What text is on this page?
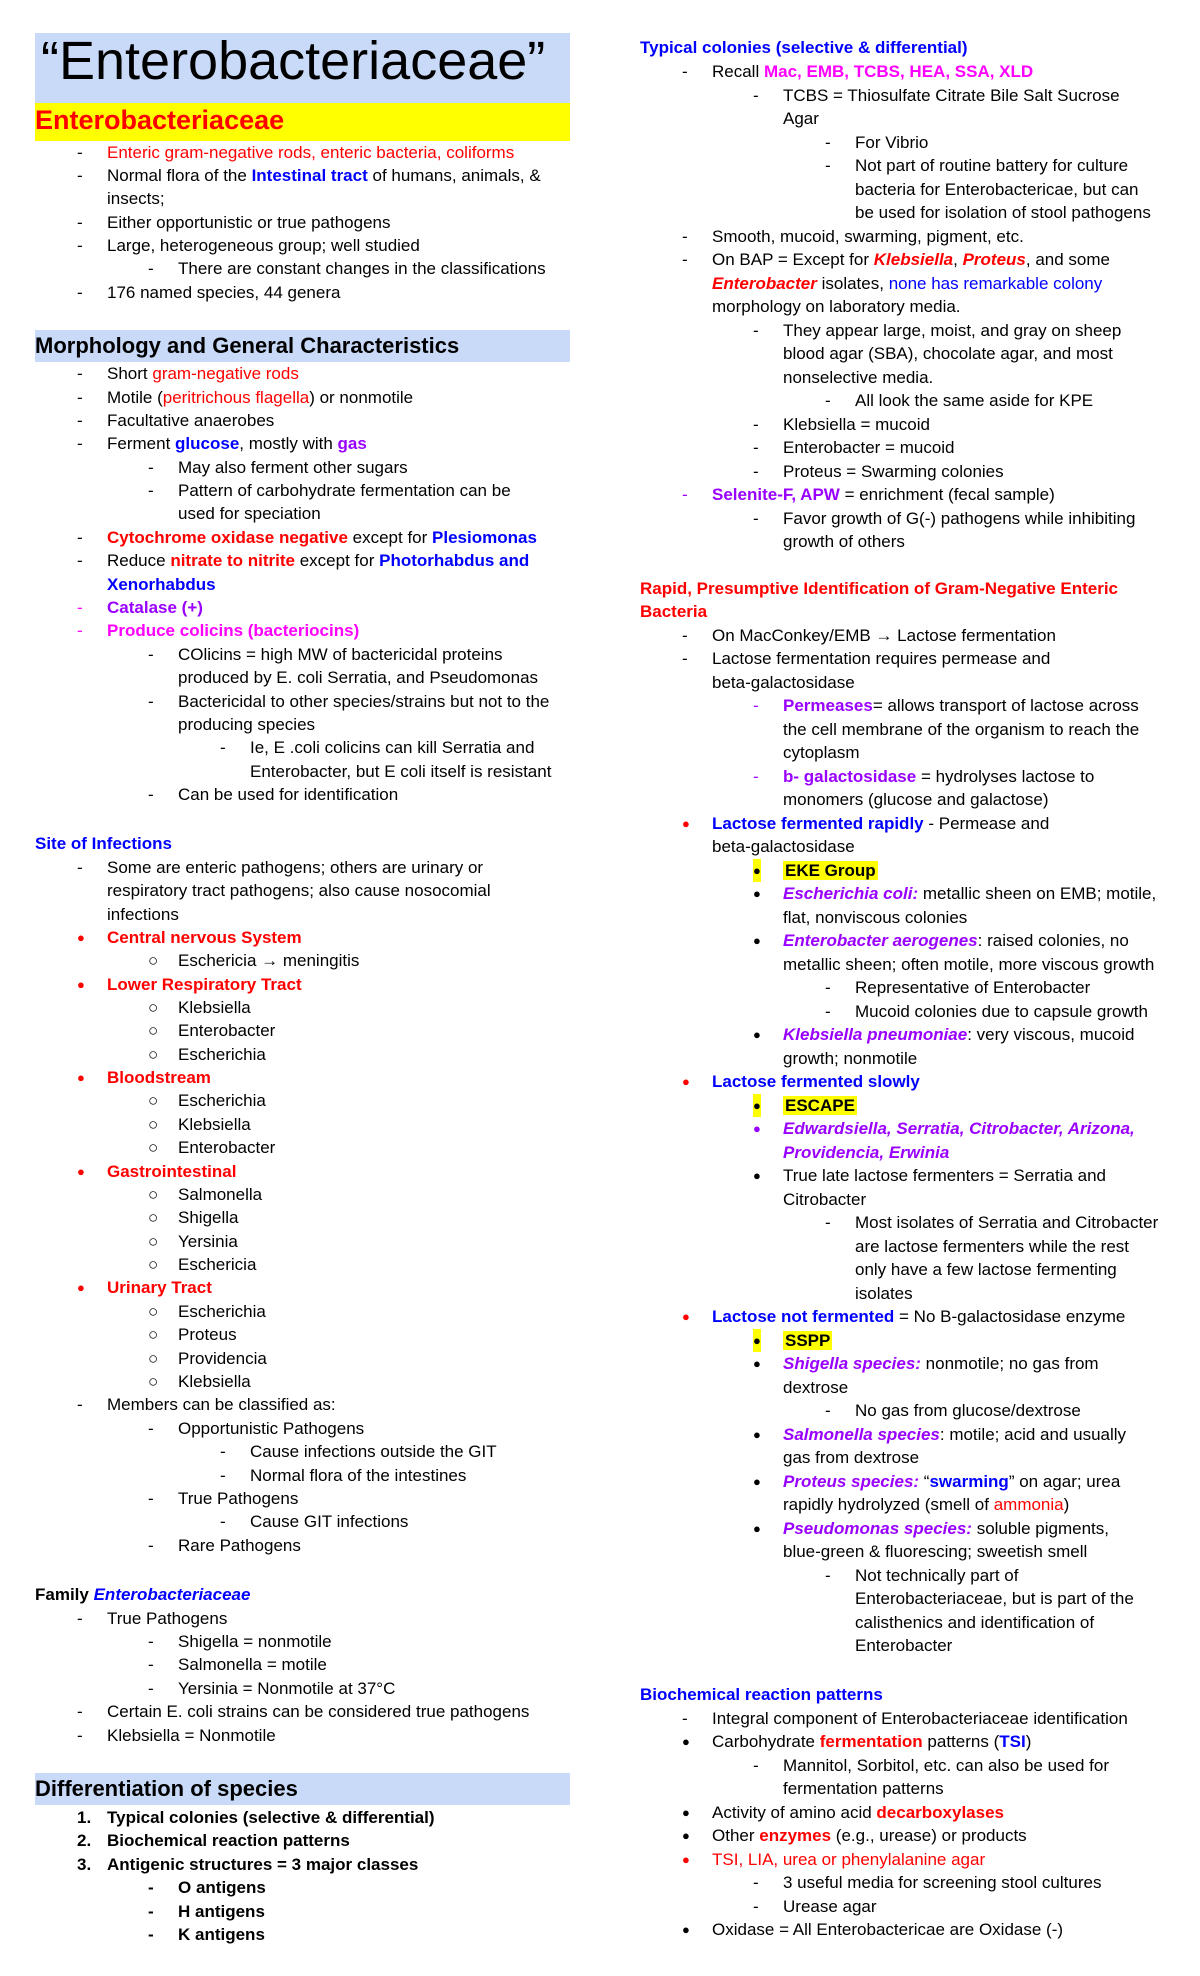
“Enterobacteriaceae”
Enterobacteriaceae
- Enteric gram-negative rods, enteric bacteria, coliforms
- Normal flora of the Intestinal tract of humans, animals, &
insects;
- Either opportunistic or true pathogens
- Large, heterogeneous group; well studied
- There are constant changes in the classifications
- 176 named species, 44 genera
Morphology and General Characteristics
- Short gram-negative rods
- Motile (peritrichous flagella) or nonmotile
- Facultative anaerobes
- Ferment glucose, mostly with gas
- May also ferment other sugars
- Pattern of carbohydrate fermentation can be
used for speciation
- Cytochrome oxidase negative except for Plesiomonas
- Reduce nitrate to nitrite except for Photorhabdus and
Xenorhabdus
- Catalase (+)
- Produce colicins (bacteriocins)
- COlicins = high MW of bactericidal proteins
produced by E. coli Serratia, and Pseudomonas
- Bactericidal to other species/strains but not to the
producing species
- Ie, E .coli colicins can kill Serratia and
Enterobacter, but E coli itself is resistant
- Can be used for identification
Site of Infections
- Some are enteric pathogens; others are urinary or
respiratory tract pathogens; also cause nosocomial
infections
● Central nervous System
○ Eschericia → meningitis
● Lower Respiratory Tract
○ Klebsiella
○ Enterobacter
○ Escherichia
● Bloodstream
○ Escherichia
○ Klebsiella
○ Enterobacter
● Gastrointestinal
○ Salmonella
○ Shigella
○ Yersinia
○ Eschericia
● Urinary Tract
○ Escherichia
○ Proteus
○ Providencia
○ Klebsiella
- Members can be classified as:
- Opportunistic Pathogens
- Cause infections outside the GIT
- Normal flora of the intestines
- True Pathogens
- Cause GIT infections
- Rare Pathogens
Family Enterobacteriaceae
- True Pathogens
- Shigella = nonmotile
- Salmonella = motile
- Yersinia = Nonmotile at 37°C
- Certain E. coli strains can be considered true pathogens
- Klebsiella = Nonmotile
Differentiation of species
1. Typical colonies (selective & differential)
2. Biochemical reaction patterns
3. Antigenic structures = 3 major classes
- O antigens
- H antigens
- K antigens
Typical colonies (selective & differential)
- Recall Mac, EMB, TCBS, HEA, SSA, XLD
- TCBS = Thiosulfate Citrate Bile Salt Sucrose
Agar
- For Vibrio
- Not part of routine battery for culture
bacteria for Enterobactericae, but can
be used for isolation of stool pathogens
- Smooth, mucoid, swarming, pigment, etc.
- On BAP = Except for Klebsiella, Proteus, and some
Enterobacter isolates, none has remarkable colony
morphology on laboratory media.
- They appear large, moist, and gray on sheep
blood agar (SBA), chocolate agar, and most
nonselective media.
- All look the same aside for KPE
- Klebsiella = mucoid
- Enterobacter = mucoid
- Proteus = Swarming colonies
- Selenite-F, APW = enrichment (fecal sample)
- Favor growth of G(-) pathogens while inhibiting
growth of others
Rapid, Presumptive Identification of Gram-Negative Enteric
Bacteria
- On MacConkey/EMB → Lactose fermentation
- Lactose fermentation requires permease and
beta-galactosidase
- Permeases= allows transport of lactose across
the cell membrane of the organism to reach the
cytoplasm
- b- galactosidase = hydrolyses lactose to
monomers (glucose and galactose)
● Lactose fermented rapidly - Permease and
beta-galactosidase
● EKE Group
● Escherichia coli: metallic sheen on EMB; motile,
flat, nonviscous colonies
● Enterobacter aerogenes: raised colonies, no
metallic sheen; often motile, more viscous growth
- Representative of Enterobacter
- Mucoid colonies due to capsule growth
● Klebsiella pneumoniae: very viscous, mucoid
growth; nonmotile
● Lactose fermented slowly
● ESCAPE
● Edwardsiella, Serratia, Citrobacter, Arizona,
Providencia, Erwinia
● True late lactose fermenters = Serratia and
Citrobacter
- Most isolates of Serratia and Citrobacter
are lactose fermenters while the rest
only have a few lactose fermenting
isolates
● Lactose not fermented = No B-galactosidase enzyme
● SSPP
● Shigella species: nonmotile; no gas from
dextrose
- No gas from glucose/dextrose
● Salmonella species: motile; acid and usually
gas from dextrose
● Proteus species: “swarming” on agar; urea
rapidly hydrolyzed (smell of ammonia)
● Pseudomonas species: soluble pigments,
blue-green & fluorescing; sweetish smell
- Not technically part of
Enterobacteriaceae, but is part of the
calisthenics and identification of
Enterobacter
Biochemical reaction patterns
- Integral component of Enterobacteriaceae identification
● Carbohydrate fermentation patterns (TSI)
- Mannitol, Sorbitol, etc. can also be used for
fermentation patterns
● Activity of amino acid decarboxylases
● Other enzymes (e.g., urease) or products
● TSI, LIA, urea or phenylalanine agar
- 3 useful media for screening stool cultures
- Urease agar
● Oxidase = All Enterobactericae are Oxidase (-)
